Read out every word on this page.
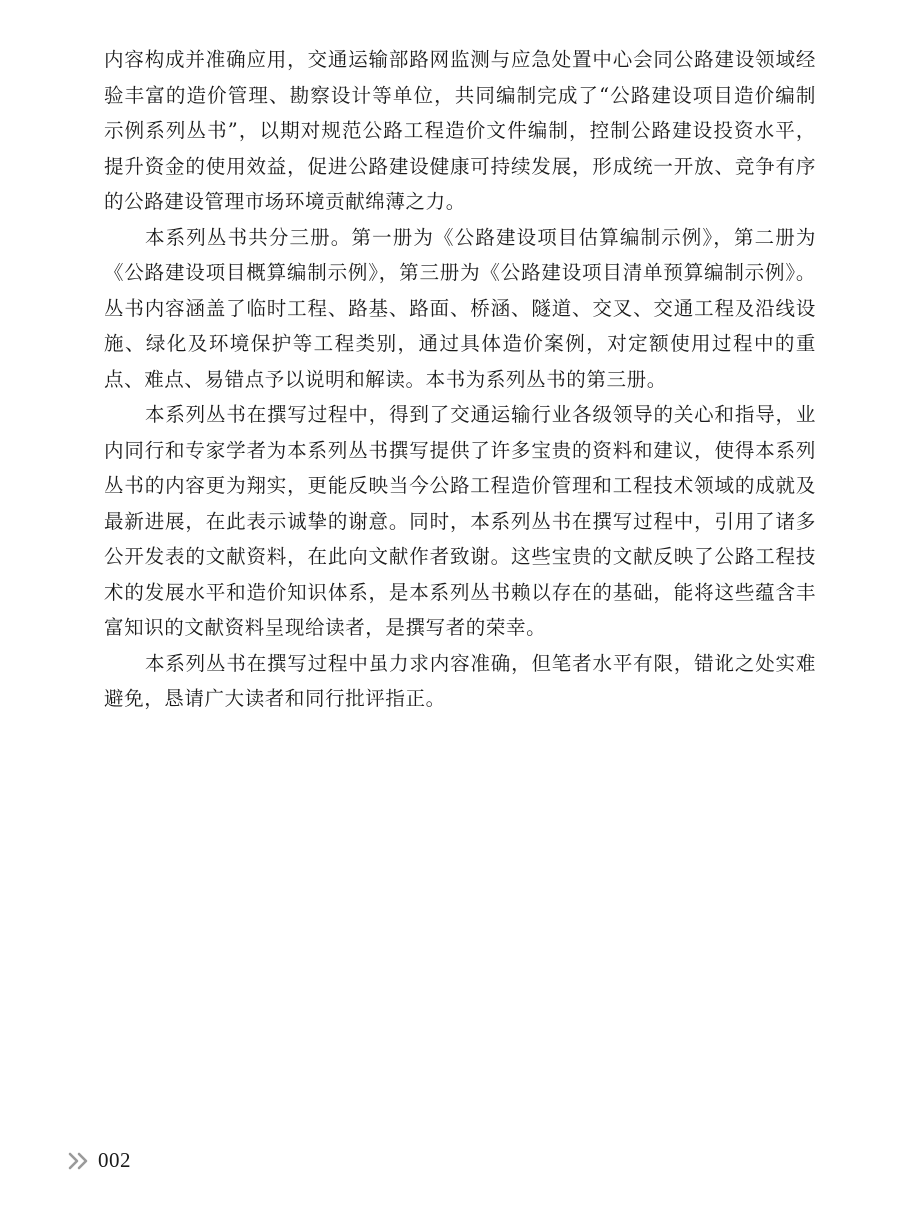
内容构成并准确应用，交通运输部路网监测与应急处置中心会同公路建设领域经验丰富的造价管理、勘察设计等单位，共同编制完成了“公路建设项目造价编制示例系列丛书”，以期对规范公路工程造价文件编制，控制公路建设投资水平，提升资金的使用效益，促进公路建设健康可持续发展，形成统一开放、竞争有序的公路建设管理市场环境贡献绵薄之力。

本系列丛书共分三册。第一册为《公路建设项目估算编制示例》，第二册为《公路建设项目概算编制示例》，第三册为《公路建设项目清单预算编制示例》。丛书内容涵盖了临时工程、路基、路面、桥涵、隧道、交叉、交通工程及沿线设施、绿化及环境保护等工程类别，通过具体造价案例，对定额使用过程中的重点、难点、易错点予以说明和解读。本书为系列丛书的第三册。

本系列丛书在撰写过程中，得到了交通运输行业各级领导的关心和指导，业内同行和专家学者为本系列丛书撰写提供了许多宝贵的资料和建议，使得本系列丛书的内容更为翔实，更能反映当今公路工程造价管理和工程技术领域的成就及最新进展，在此表示诚挚的谢意。同时，本系列丛书在撰写过程中，引用了诸多公开发表的文献资料，在此向文献作者致谢。这些宝贵的文献反映了公路工程技术的发展水平和造价知识体系，是本系列丛书赖以存在的基础，能将这些蕴含丰富知识的文献资料呈现给读者，是撰写者的荣幸。

本系列丛书在撰写过程中虽力求内容准确，但笔者水平有限，错讹之处实难避免，恳请广大读者和同行批评指正。

002
